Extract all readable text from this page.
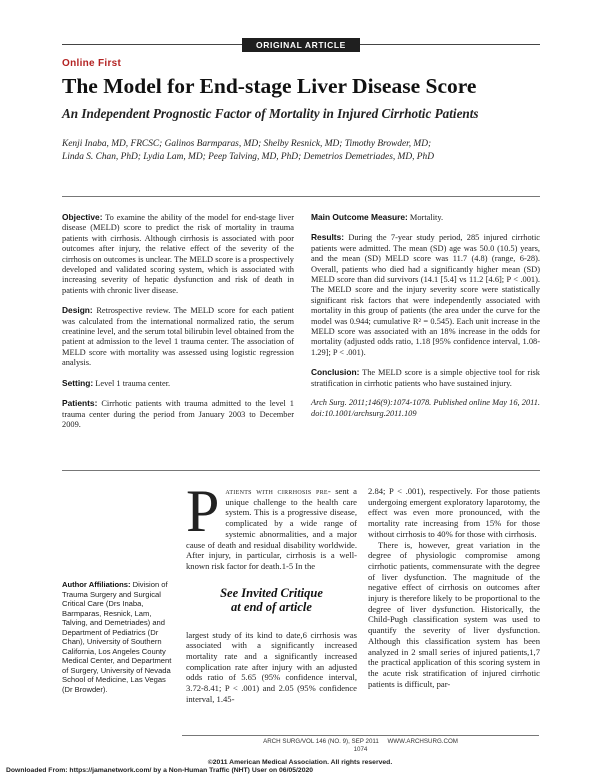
ORIGINAL ARTICLE
Online First
The Model for End-stage Liver Disease Score
An Independent Prognostic Factor of Mortality in Injured Cirrhotic Patients
Kenji Inaba, MD, FRCSC; Galinos Barmparas, MD; Shelby Resnick, MD; Timothy Browder, MD;
Linda S. Chan, PhD; Lydia Lam, MD; Peep Talving, MD, PhD; Demetrios Demetriades, MD, PhD

Objective: To examine the ability of the model for end-stage liver disease (MELD) score to predict the risk of mortality in trauma patients with cirrhosis. Although cirrhosis is associated with poor outcomes after injury, the relative effect of the severity of the cirrhosis on outcomes is unclear. The MELD score is a prospectively developed and validated scoring system, which is associated with increasing severity of hepatic dysfunction and risk of death in patients with chronic liver disease.

Design: Retrospective review. The MELD score for each patient was calculated from the international normalized ratio, the serum creatinine level, and the serum total bilirubin level obtained from the patient at admission to the level 1 trauma center. The association of MELD score with mortality was assessed using logistic regression analysis.

Setting: Level 1 trauma center.

Patients: Cirrhotic patients with trauma admitted to the level 1 trauma center during the period from January 2003 to December 2009.

Main Outcome Measure: Mortality.

Results: During the 7-year study period, 285 injured cirrhotic patients were admitted. The mean (SD) age was 50.0 (10.5) years, and the mean (SD) MELD score was 11.7 (4.8) (range, 6-28). Overall, patients who died had a significantly higher mean (SD) MELD score than did survivors (14.1 [5.4] vs 11.2 [4.6]; P < .001). The MELD score and the injury severity score were statistically significant risk factors that were independently associated with mortality in this group of patients (the area under the curve for the model was 0.944; cumulative R² = 0.545). Each unit increase in the MELD score was associated with an 18% increase in the odds for mortality (adjusted odds ratio, 1.18 [95% confidence interval, 1.08-1.29]; P < .001).

Conclusion: The MELD score is a simple objective tool for risk stratification in cirrhotic patients who have sustained injury.

Arch Surg. 2011;146(9):1074-1078. Published online May 16, 2011. doi:10.1001/archsurg.2011.109

Author Affiliations: Division of Trauma Surgery and Surgical Critical Care (Drs Inaba, Barmparas, Resnick, Lam, Talving, and Demetriades) and Department of Pediatrics (Dr Chan), University of Southern California, Los Angeles County Medical Center, and Department of Surgery, University of Nevada School of Medicine, Las Vegas (Dr Browder).

Patients with cirrhosis pre- sent a unique challenge to the health care system. This is a progressive disease, complicated by a wide range of systemic abnormalities, and a major cause of death and residual disability worldwide. After injury, in particular, cirrhosis is a well-known risk factor for death.1-5 In the

See Invited Critique
at end of article

largest study of its kind to date,6 cirrhosis was associated with a significantly increased mortality rate and a significantly increased complication rate after injury with an adjusted odds ratio of 5.65 (95% confidence interval, 3.72-8.41; P < .001) and 2.05 (95% confidence interval, 1.45-

2.84; P < .001), respectively. For those patients undergoing emergent exploratory laparotomy, the effect was even more pronounced, with the mortality rate increasing from 15% for those without cirrhosis to 40% for those with cirrhosis.

There is, however, great variation in the degree of physiologic compromise among cirrhotic patients, commensurate with the degree of liver dysfunction. The magnitude of the negative effect of cirrhosis on outcomes after injury is therefore likely to be proportional to the degree of liver dysfunction. Historically, the Child-Pugh classification system was used to quantify the severity of liver dysfunction. Although this classification system has been analyzed in 2 small series of injured patients,1,7 the practical application of this scoring system in the acute risk stratification of injured cirrhotic patients is difficult, par-

ARCH SURG/VOL 146 (NO. 9), SEP 2011     WWW.ARCHSURG.COM
1074
©2011 American Medical Association. All rights reserved.
Downloaded From: https://jamanetwork.com/ by a Non-Human Traffic (NHT) User on 06/05/2020
